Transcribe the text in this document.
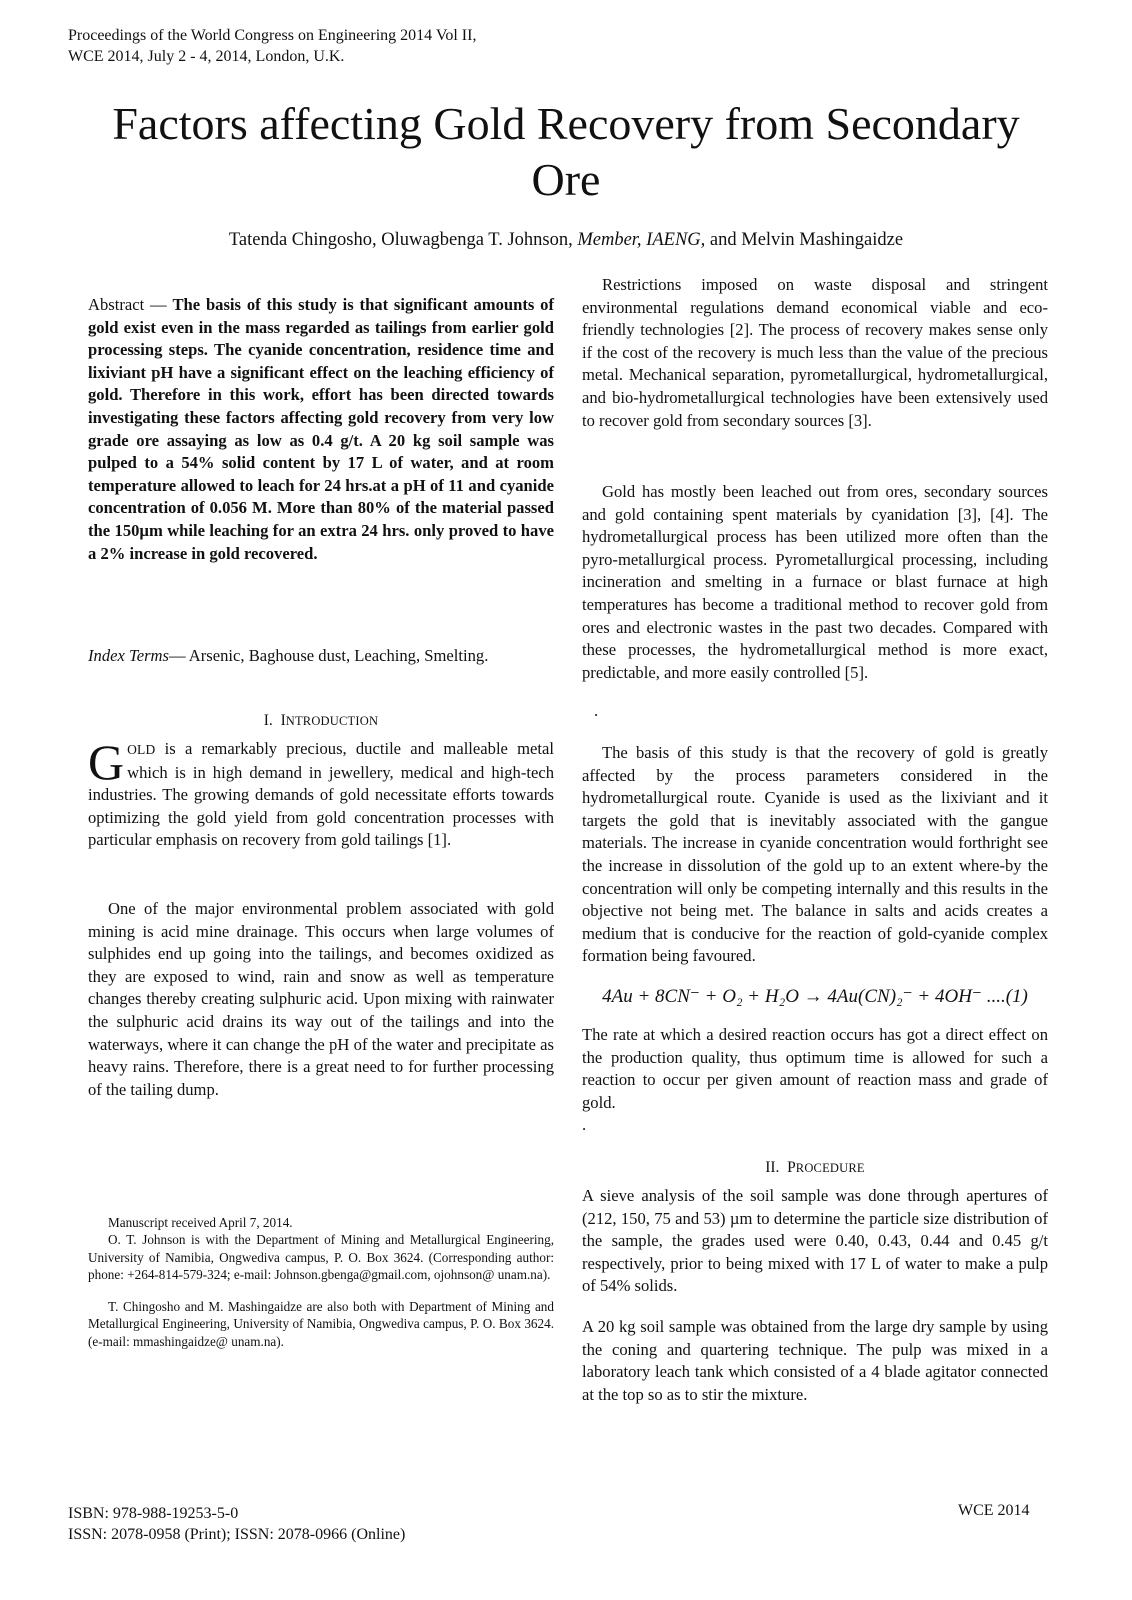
Proceedings of the World Congress on Engineering 2014 Vol II,
WCE 2014, July 2 - 4, 2014, London, U.K.
Factors affecting Gold Recovery from Secondary
Ore
Tatenda Chingosho, Oluwagbenga T. Johnson, Member, IAENG, and Melvin Mashingaidze

Abstract — The basis of this study is that significant amounts of gold exist even in the mass regarded as tailings from earlier gold processing steps. The cyanide concentration, residence time and lixiviant pH have a significant effect on the leaching efficiency of gold. Therefore in this work, effort has been directed towards investigating these factors affecting gold recovery from very low grade ore assaying as low as 0.4 g/t. A 20 kg soil sample was pulped to a 54% solid content by 17 L of water, and at room temperature allowed to leach for 24 hrs.at a pH of 11 and cyanide concentration of 0.056 M. More than 80% of the material passed the 150µm while leaching for an extra 24 hrs. only proved to have a 2% increase in gold recovered.

Index Terms— Arsenic, Baghouse dust, Leaching, Smelting.

I. INTRODUCTION

GOLD is a remarkably precious, ductile and malleable metal which is in high demand in jewellery, medical and high-tech industries. The growing demands of gold necessitate efforts towards optimizing the gold yield from gold concentration processes with particular emphasis on recovery from gold tailings [1].

One of the major environmental problem associated with gold mining is acid mine drainage. This occurs when large volumes of sulphides end up going into the tailings, and becomes oxidized as they are exposed to wind, rain and snow as well as temperature changes thereby creating sulphuric acid. Upon mixing with rainwater the sulphuric acid drains its way out of the tailings and into the waterways, where it can change the pH of the water and precipitate as heavy rains. Therefore, there is a great need to for further processing of the tailing dump.

Manuscript received April 7, 2014.

O. T. Johnson is with the Department of Mining and Metallurgical Engineering, University of Namibia, Ongwediva campus, P. O. Box 3624. (Corresponding author: phone: +264-814-579-324; e-mail: Johnson.gbenga@gmail.com, ojohnson@ unam.na).

T. Chingosho and M. Mashingaidze are also both with Department of Mining and Metallurgical Engineering, University of Namibia, Ongwediva campus, P. O. Box 3624. (e-mail: mmashingaidze@ unam.na).

Restrictions imposed on waste disposal and stringent environmental regulations demand economical viable and eco-friendly technologies [2]. The process of recovery makes sense only if the cost of the recovery is much less than the value of the precious metal. Mechanical separation, pyrometallurgical, hydrometallurgical, and bio-hydrometallurgical technologies have been extensively used to recover gold from secondary sources [3].

Gold has mostly been leached out from ores, secondary sources and gold containing spent materials by cyanidation [3], [4]. The hydrometallurgical process has been utilized more often than the pyro-metallurgical process. Pyrometallurgical processing, including incineration and smelting in a furnace or blast furnace at high temperatures has become a traditional method to recover gold from ores and electronic wastes in the past two decades. Compared with these processes, the hydrometallurgical method is more exact, predictable, and more easily controlled [5].

.

The basis of this study is that the recovery of gold is greatly affected by the process parameters considered in the hydrometallurgical route. Cyanide is used as the lixiviant and it targets the gold that is inevitably associated with the gangue materials. The increase in cyanide concentration would forthright see the increase in dissolution of the gold up to an extent where-by the concentration will only be competing internally and this results in the objective not being met. The balance in salts and acids creates a medium that is conducive for the reaction of gold-cyanide complex formation being favoured.

4Au + 8CN⁻ + O₂ + H₂O → 4Au(CN)₂⁻ + 4OH⁻ ....(1)

The rate at which a desired reaction occurs has got a direct effect on the production quality, thus optimum time is allowed for such a reaction to occur per given amount of reaction mass and grade of gold.

.
II. PROCEDURE

A sieve analysis of the soil sample was done through apertures of (212, 150, 75 and 53) µm to determine the particle size distribution of the sample, the grades used were 0.40, 0.43, 0.44 and 0.45 g/t respectively, prior to being mixed with 17 L of water to make a pulp of 54% solids.

A 20 kg soil sample was obtained from the large dry sample by using the coning and quartering technique. The pulp was mixed in a laboratory leach tank which consisted of a 4 blade agitator connected at the top so as to stir the mixture.

ISBN: 978-988-19253-5-0
ISSN: 2078-0958 (Print); ISSN: 2078-0966 (Online)
WCE 2014
